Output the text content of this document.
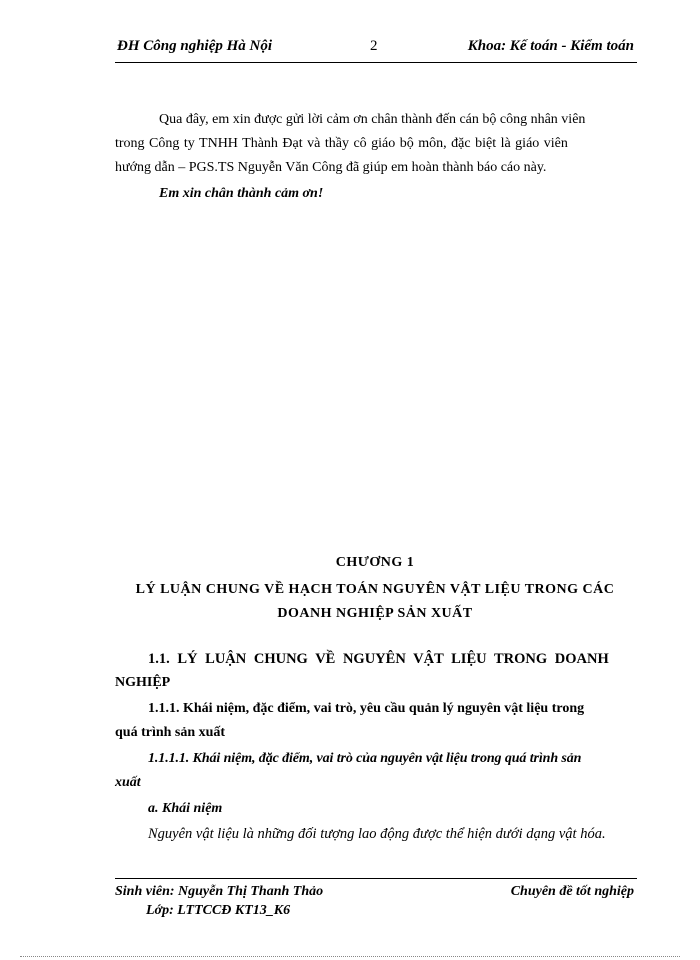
ĐH Công nghiệp Hà Nội	2	Khoa: Kế toán - Kiểm toán
Qua đây, em xin được gửi lời cảm ơn chân thành đến cán bộ công nhân viên
trong Công ty TNHH Thành Đạt và thầy cô giáo bộ môn, đặc biệt là giáo viên
hướng dẫn – PGS.TS Nguyễn Văn Công đã giúp em hoàn thành báo cáo này.
Em xin chân thành cảm ơn!
CHƯƠNG 1
LÝ LUẬN CHUNG VỀ HẠCH TOÁN NGUYÊN VẬT LIỆU TRONG CÁC
DOANH NGHIỆP SẢN XUẤT
1.1. LÝ LUẬN CHUNG VỀ NGUYÊN VẬT LIỆU TRONG DOANH
NGHIỆP
1.1.1. Khái niệm, đặc điểm, vai trò, yêu cầu quản lý nguyên vật liệu trong
quá trình sản xuất
1.1.1.1. Khái niệm, đặc điểm, vai trò của nguyên vật liệu trong quá trình sản
xuất
a. Khái niệm
Nguyên vật liệu là những đối tượng lao động được thể hiện dưới dạng vật hóa.
Sinh viên: Nguyễn Thị Thanh Thảo
Lớp: LTTCCĐ KT13_K6
Chuyên đề tốt nghiệp
